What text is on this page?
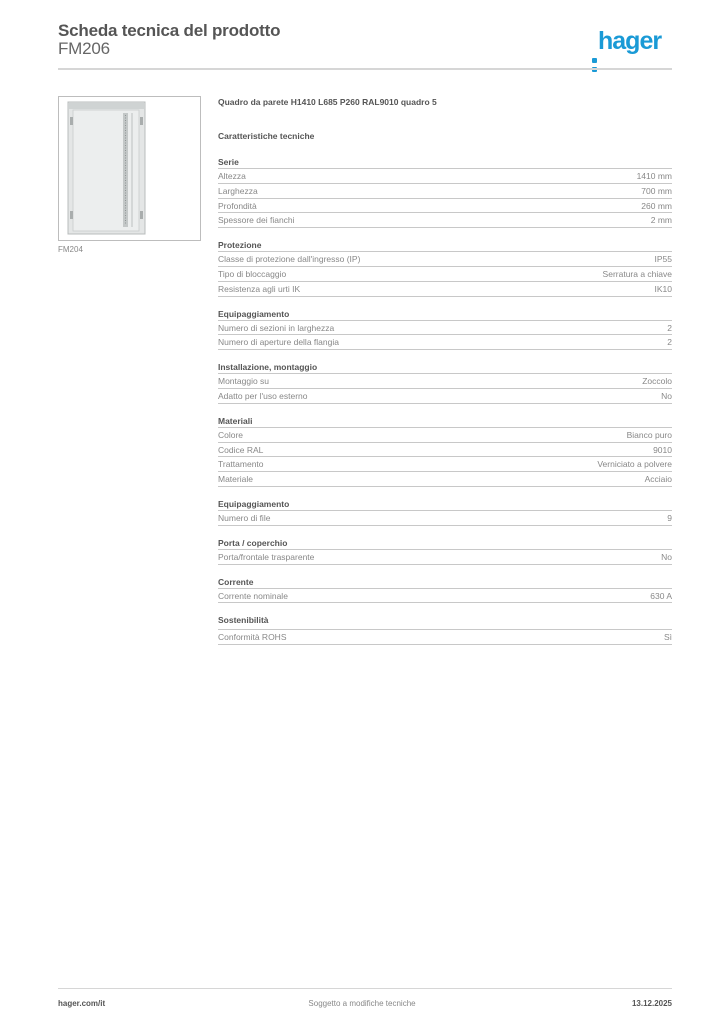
Scheda tecnica del prodotto
FM206	hager
FM204
Quadro da parete H1410 L685 P260 RAL9010 quadro 5
Caratteristiche tecniche
Serie
Altezza	1410 mm
Larghezza	700 mm
Profondità	260 mm
Spessore dei fianchi	2 mm
Protezione
Classe di protezione dall'ingresso (IP)	IP55
Tipo di bloccaggio	Serratura a chiave
Resistenza agli urti IK	IK10
Equipaggiamento
Numero di sezioni in larghezza	2
Numero di aperture della flangia	2
Installazione, montaggio
Montaggio su	Zoccolo
Adatto per l'uso esterno	No
Materiali
Colore	Bianco puro
Codice RAL	9010
Trattamento	Verniciato a polvere
Materiale	Acciaio
Equipaggiamento
Numero di file	9
Porta / coperchio
Porta/frontale trasparente	No
Corrente
Corrente nominale	630 A
Sostenibilità
Conformità ROHS	Sì
hager.com/it	Soggetto a modifiche tecniche	13.12.2025
